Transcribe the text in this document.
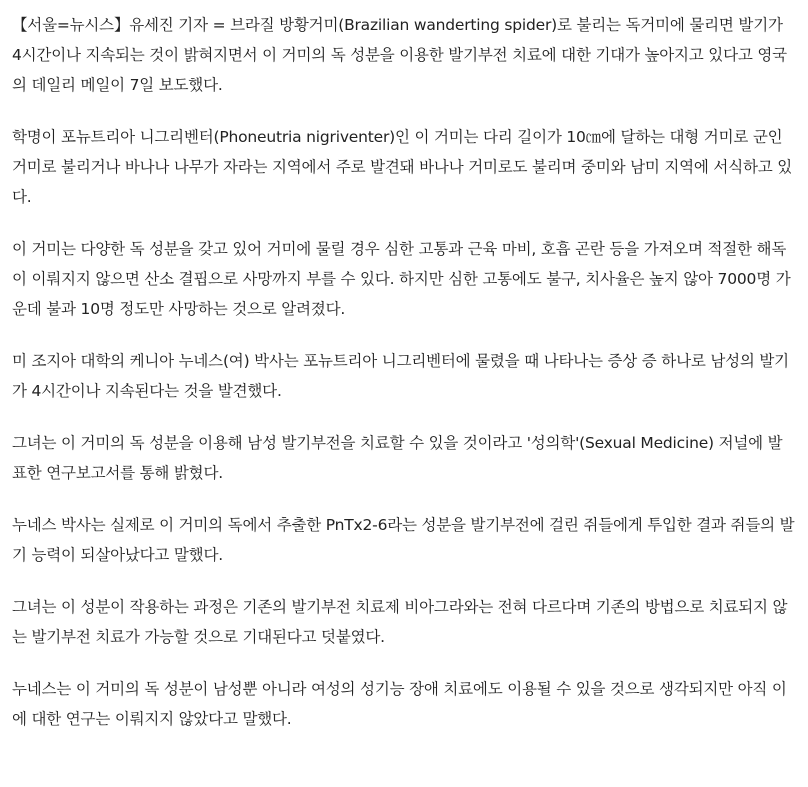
【서울=뉴시스】유세진 기자 = 브라질 방황거미(Brazilian wanderting spider)로 불리는 독거미에 물리면 발기가 4시간이나 지속되는 것이 밝혀지면서 이 거미의 독 성분을 이용한 발기부전 치료에 대한 기대가 높아지고 있다고 영국의 데일리 메일이 7일 보도했다.

학명이 포뉴트리아 니그리벤터(Phoneutria nigriventer)인 이 거미는 다리 길이가 10㎝에 달하는 대형 거미로 군인거미로 불리거나 바나나 나무가 자라는 지역에서 주로 발견돼 바나나 거미로도 불리며 중미와 남미 지역에 서식하고 있다.

이 거미는 다양한 독 성분을 갖고 있어 거미에 물릴 경우 심한 고통과 근육 마비, 호흡 곤란 등을 가져오며 적절한 해독이 이뤄지지 않으면 산소 결핍으로 사망까지 부를 수 있다. 하지만 심한 고통에도 불구, 치사율은 높지 않아 7000명 가운데 불과 10명 정도만 사망하는 것으로 알려졌다.

미 조지아 대학의 케니아 누네스(여) 박사는 포뉴트리아 니그리벤터에 물렸을 때 나타나는 증상 증 하나로 남성의 발기가 4시간이나 지속된다는 것을 발견했다.

그녀는 이 거미의 독 성분을 이용해 남성 발기부전을 치료할 수 있을 것이라고 '성의학'(Sexual Medicine) 저널에 발표한 연구보고서를 통해 밝혔다.

누네스 박사는 실제로 이 거미의 독에서 추출한 PnTx2-6라는 성분을 발기부전에 걸린 쥐들에게 투입한 결과 쥐들의 발기 능력이 되살아났다고 말했다.

그녀는 이 성분이 작용하는 과정은 기존의 발기부전 치료제 비아그라와는 전혀 다르다며 기존의 방법으로 치료되지 않는 발기부전 치료가 가능할 것으로 기대된다고 덧붙였다.

누네스는 이 거미의 독 성분이 남성뿐 아니라 여성의 성기능 장애 치료에도 이용될 수 있을 것으로 생각되지만 아직 이에 대한 연구는 이뤄지지 않았다고 말했다.
